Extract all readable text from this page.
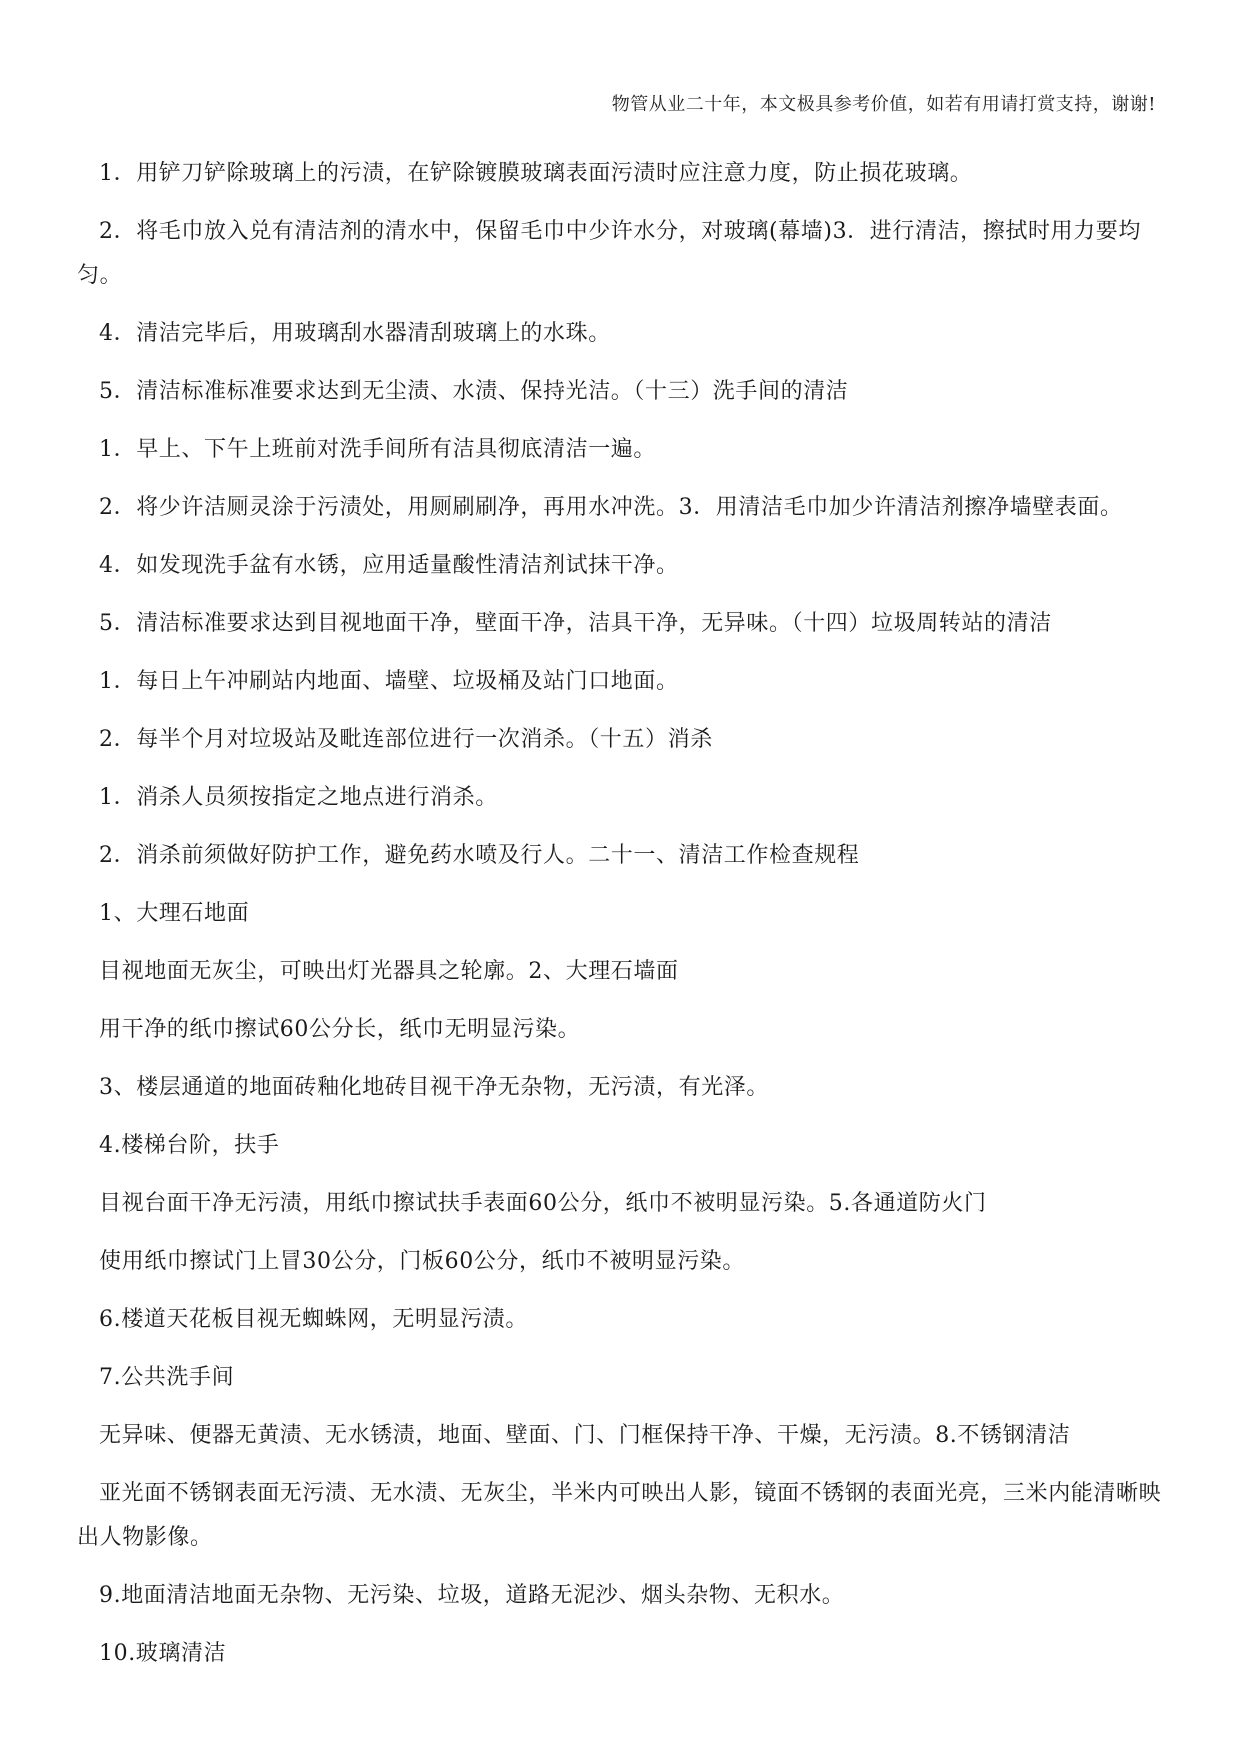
物管从业二十年，本文极具参考价值，如若有用请打赏支持，谢谢!

1．用铲刀铲除玻璃上的污渍，在铲除镀膜玻璃表面污渍时应注意力度，防止损花玻璃。

2．将毛巾放入兑有清洁剂的清水中，保留毛巾中少许水分，对玻璃(幕墙)3．进行清洁，擦拭时用力要均匀。

4．清洁完毕后，用玻璃刮水器清刮玻璃上的水珠。

5．清洁标准标准要求达到无尘渍、水渍、保持光洁。（十三）洗手间的清洁

1．早上、下午上班前对洗手间所有洁具彻底清洁一遍。

2．将少许洁厕灵涂于污渍处，用厕刷刷净，再用水冲洗。3．用清洁毛巾加少许清洁剂擦净墙壁表面。

4．如发现洗手盆有水锈，应用适量酸性清洁剂试抹干净。

5．清洁标准要求达到目视地面干净，壁面干净，洁具干净，无异味。（十四）垃圾周转站的清洁

1．每日上午冲刷站内地面、墙壁、垃圾桶及站门口地面。

2．每半个月对垃圾站及毗连部位进行一次消杀。（十五）消杀

1．消杀人员须按指定之地点进行消杀。

2．消杀前须做好防护工作，避免药水喷及行人。二十一、清洁工作检查规程

1、大理石地面

目视地面无灰尘，可映出灯光器具之轮廓。2、大理石墙面

用干净的纸巾擦试60公分长，纸巾无明显污染。

3、楼层通道的地面砖釉化地砖目视干净无杂物，无污渍，有光泽。

4.楼梯台阶，扶手

目视台面干净无污渍，用纸巾擦试扶手表面60公分，纸巾不被明显污染。5.各通道防火门

使用纸巾擦试门上冒30公分，门板60公分，纸巾不被明显污染。

6.楼道天花板目视无蜘蛛网，无明显污渍。

7.公共洗手间

无异味、便器无黄渍、无水锈渍，地面、壁面、门、门框保持干净、干燥，无污渍。8.不锈钢清洁

亚光面不锈钢表面无污渍、无水渍、无灰尘，半米内可映出人影，镜面不锈钢的表面光亮，三米内能清晰映出人物影像。

9.地面清洁地面无杂物、无污染、垃圾，道路无泥沙、烟头杂物、无积水。

10.玻璃清洁
